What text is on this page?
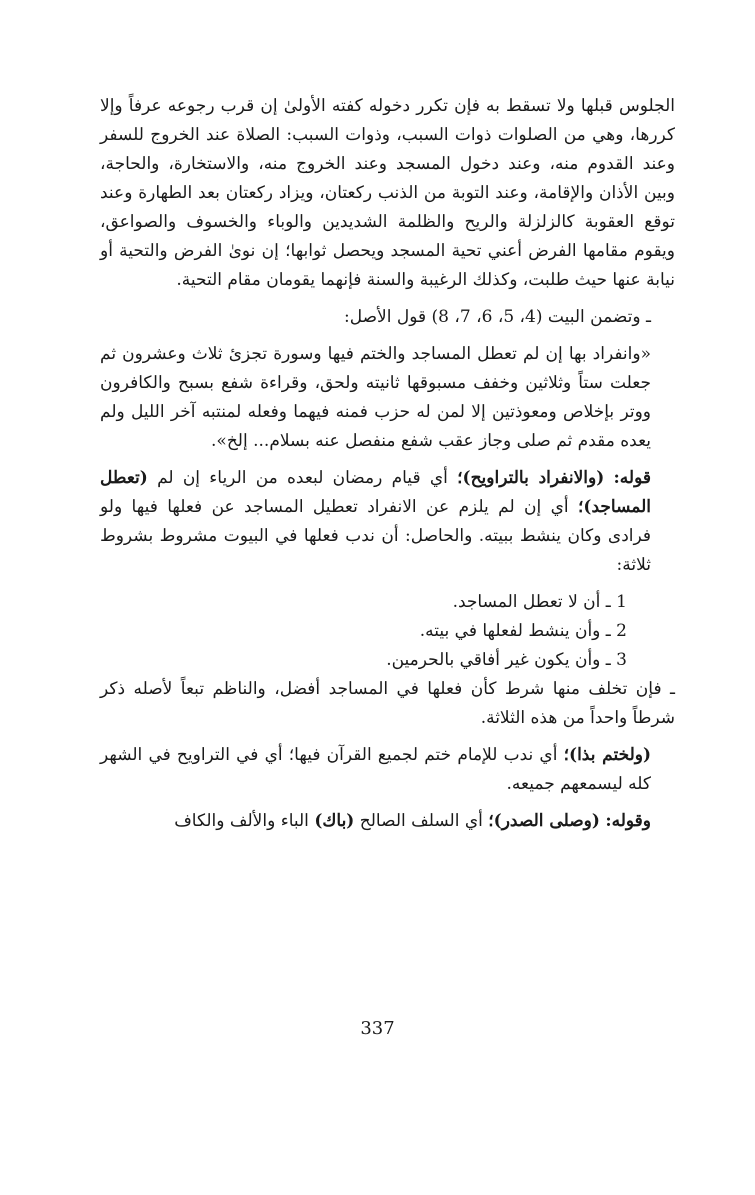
الجلوس قبلها ولا تسقط به فإن تكرر دخوله كفته الأولىٰ إن قرب رجوعه عرفاً وإلا كررها، وهي من الصلوات ذوات السبب، وذوات السبب: الصلاة عند الخروج للسفر وعند القدوم منه، وعند دخول المسجد وعند الخروج منه، والاستخارة، والحاجة، وبين الأذان والإقامة، وعند التوبة من الذنب ركعتان، ويزاد ركعتان بعد الطهارة وعند توقع العقوبة كالزلزلة والريح والظلمة الشديدين والوباء والخسوف والصواعق، ويقوم مقامها الفرض أعني تحية المسجد ويحصل ثوابها؛ إن نوىٰ الفرض والتحية أو نيابة عنها حيث طلبت، وكذلك الرغيبة والسنة فإنهما يقومان مقام التحية.

ـ وتضمن البيت (4، 5، 6، 7، 8) قول الأصل:

«وانفراد بها إن لم تعطل المساجد والختم فيها وسورة تجزئ ثلاث وعشرون ثم جعلت ستاً وثلاثين وخفف مسبوقها ثانيته ولحق، وقراءة شفع بسبح والكافرون ووتر بإخلاص ومعوذتين إلا لمن له حزب فمنه فيهما وفعله لمنتبه آخر الليل ولم يعده مقدم ثم صلى وجاز عقب شفع منفصل عنه بسلام... إلخ».

قوله: (والانفراد بالتراويح)؛ أي قيام رمضان لبعده من الرياء إن لم (تعطل المساجد)؛ أي إن لم يلزم عن الانفراد تعطيل المساجد عن فعلها فيها ولو فرادى وكان ينشط ببيته. والحاصل: أن ندب فعلها في البيوت مشروط بشروط ثلاثة:

1 ـ أن لا تعطل المساجد.

2 ـ وأن ينشط لفعلها في بيته.

3 ـ وأن يكون غير أفاقي بالحرمين.

ـ فإن تخلف منها شرط كأن فعلها في المساجد أفضل، والناظم تبعاً لأصله ذكر شرطاً واحداً من هذه الثلاثة.

(ولختم بذا)؛ أي ندب للإمام ختم لجميع القرآن فيها؛ أي في التراويح في الشهر كله ليسمعهم جميعه.

وقوله: (وصلى الصدر)؛ أي السلف الصالح (باك) الباء والألف والكاف

337
